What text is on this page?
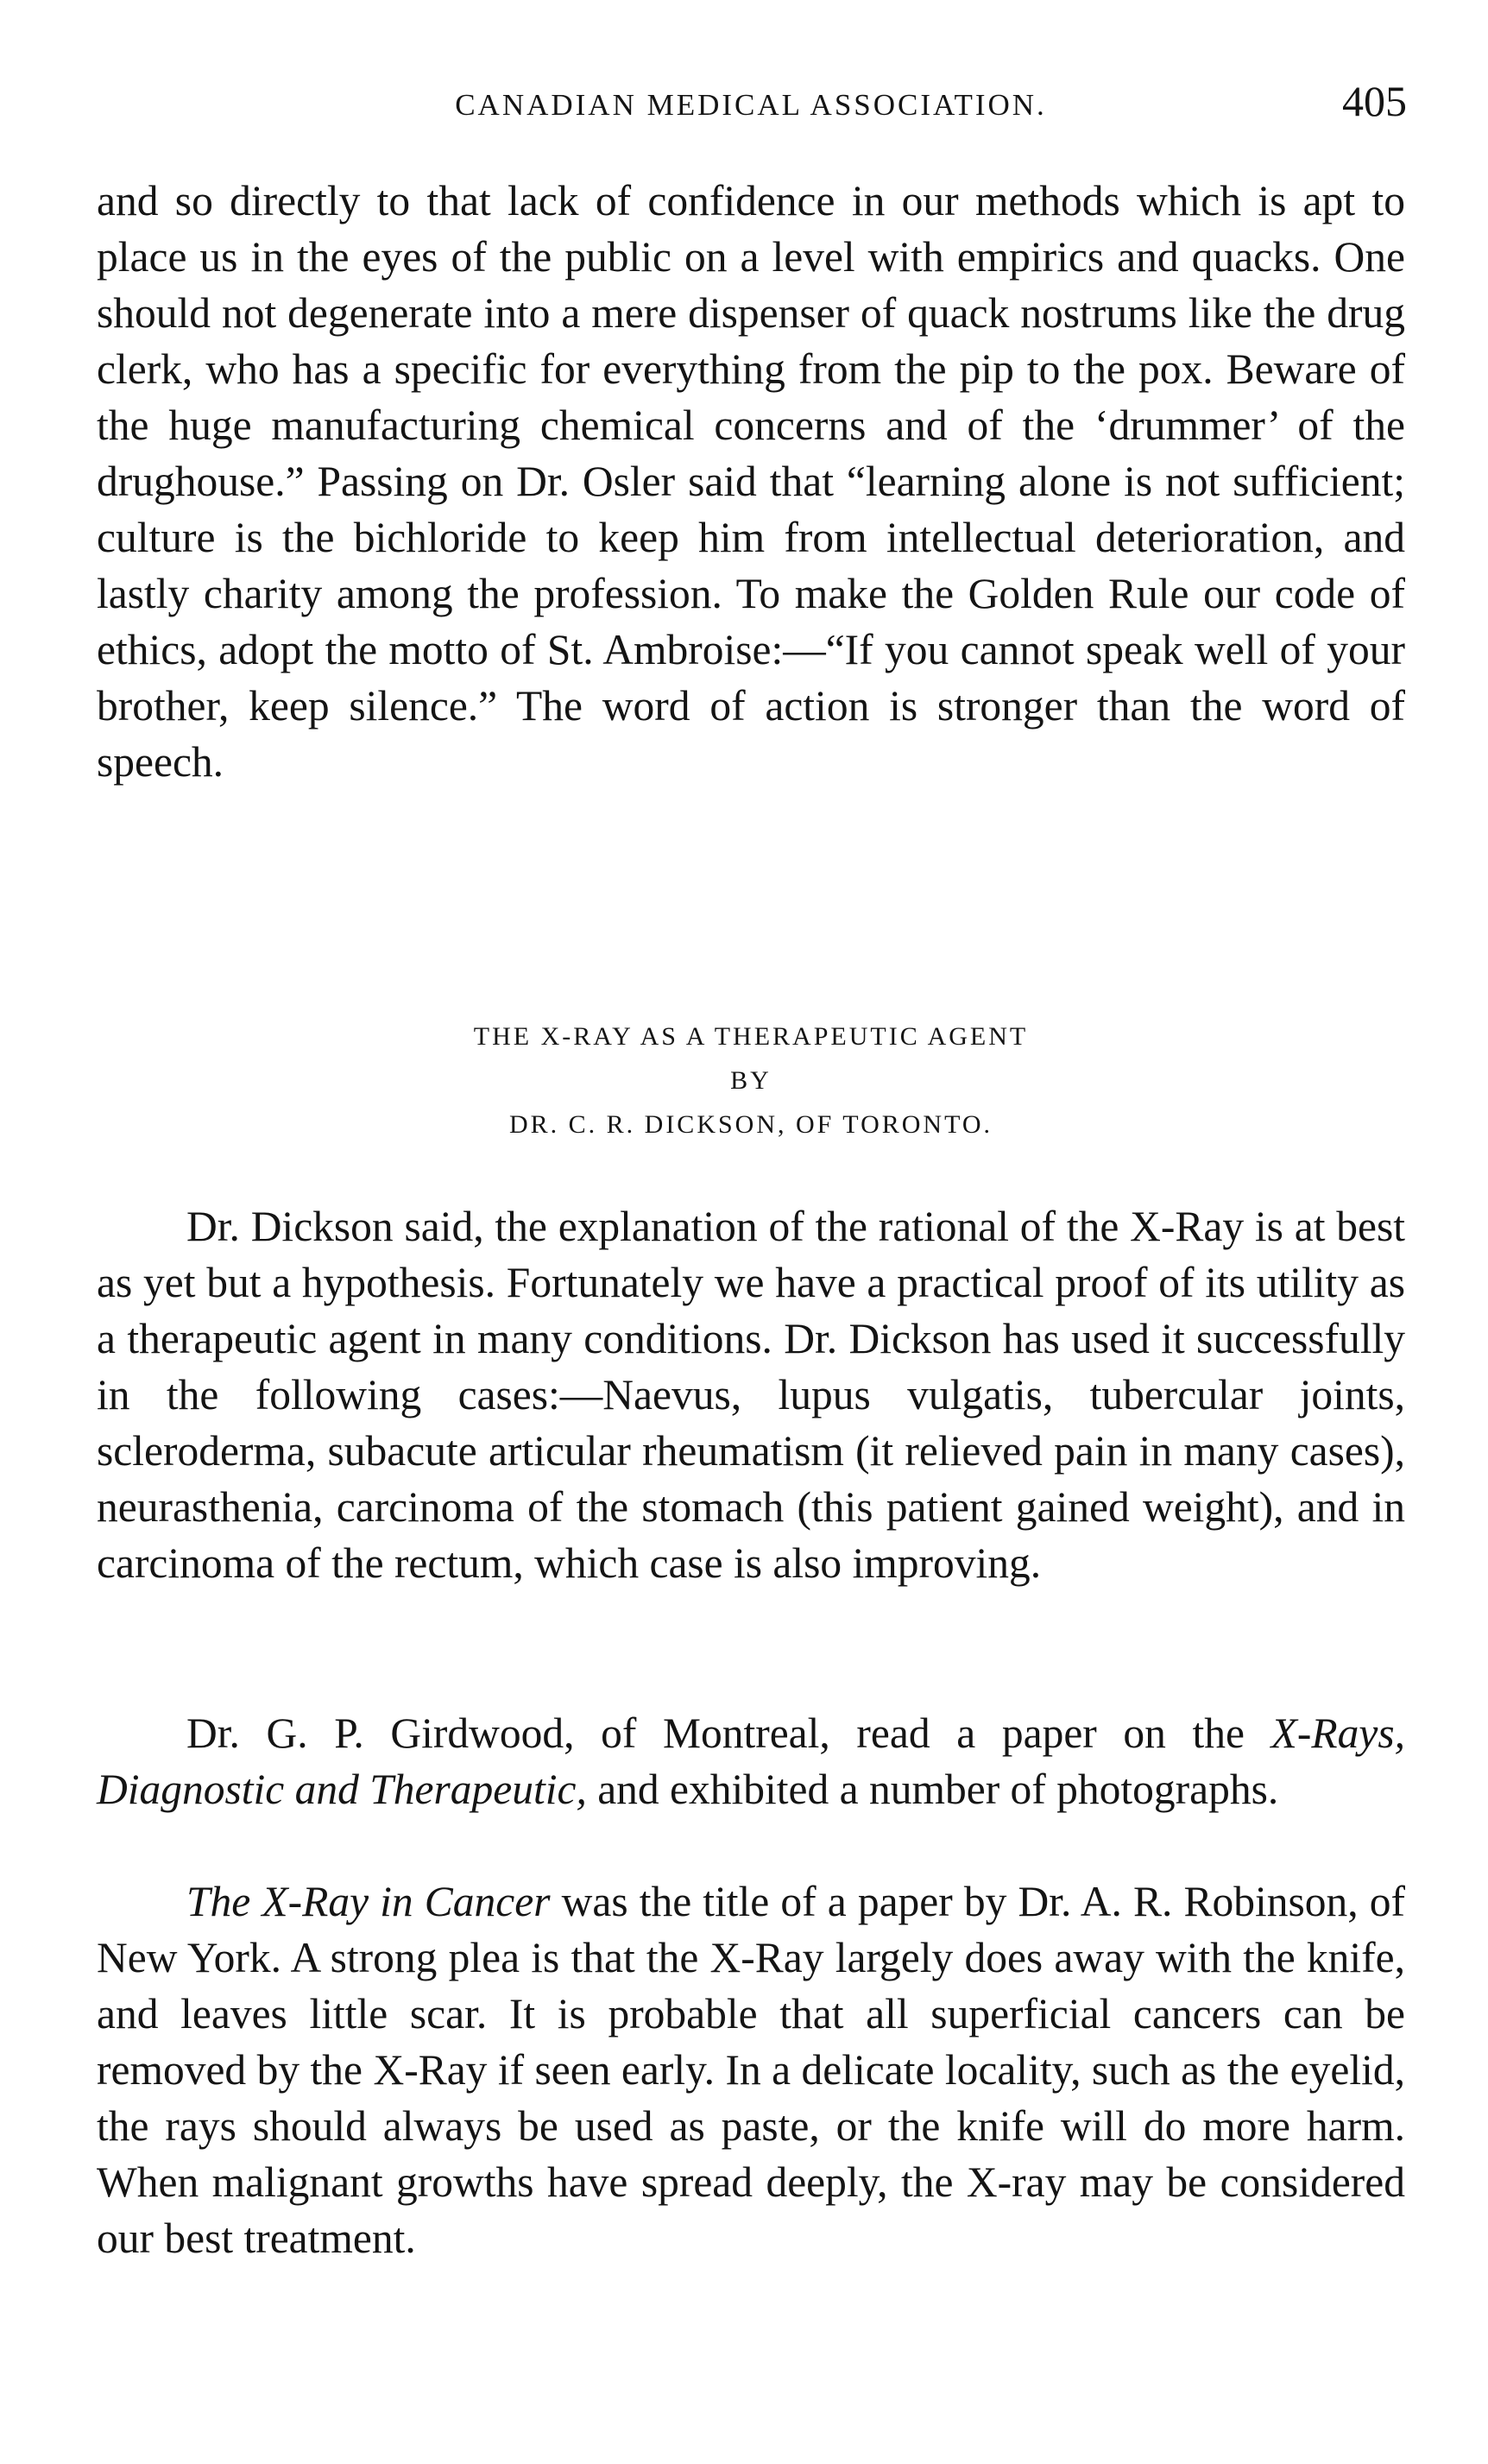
CANADIAN MEDICAL ASSOCIATION.	405

and so directly to that lack of confidence in our methods which is apt to place us in the eyes of the public on a level with empirics and quacks. One should not degenerate into a mere dispenser of quack nostrums like the drug clerk, who has a specific for everything from the pip to the pox. Beware of the huge manufacturing chemical concerns and of the ‘drummer’ of the drughouse.” Passing on Dr. Osler said that “learning alone is not sufficient; culture is the bichloride to keep him from intellectual deterioration, and lastly charity among the profession. To make the Golden Rule our code of ethics, adopt the motto of St. Ambroise:—“If you cannot speak well of your brother, keep silence.” The word of action is stronger than the word of speech.

THE X-RAY AS A THERAPEUTIC AGENT
BY
DR. C. R. DICKSON, OF TORONTO.

Dr. Dickson said, the explanation of the rational of the X-Ray is at best as yet but a hypothesis. Fortunately we have a practical proof of its utility as a therapeutic agent in many conditions. Dr. Dickson has used it successfully in the following cases:—Naevus, lupus vulgatis, tubercular joints, scleroderma, subacute articular rheumatism (it relieved pain in many cases), neurasthenia, carcinoma of the stomach (this patient gained weight), and in carcinoma of the rectum, which case is also improving.

Dr. G. P. Girdwood, of Montreal, read a paper on the X-Rays, Diagnostic and Therapeutic, and exhibited a number of photographs.

The X-Ray in Cancer was the title of a paper by Dr. A. R. Robinson, of New York. A strong plea is that the X-Ray largely does away with the knife, and leaves little scar. It is probable that all superficial cancers can be removed by the X-Ray if seen early. In a delicate locality, such as the eyelid, the rays should always be used as paste, or the knife will do more harm. When malignant growths have spread deeply, the X-ray may be considered our best treatment.
